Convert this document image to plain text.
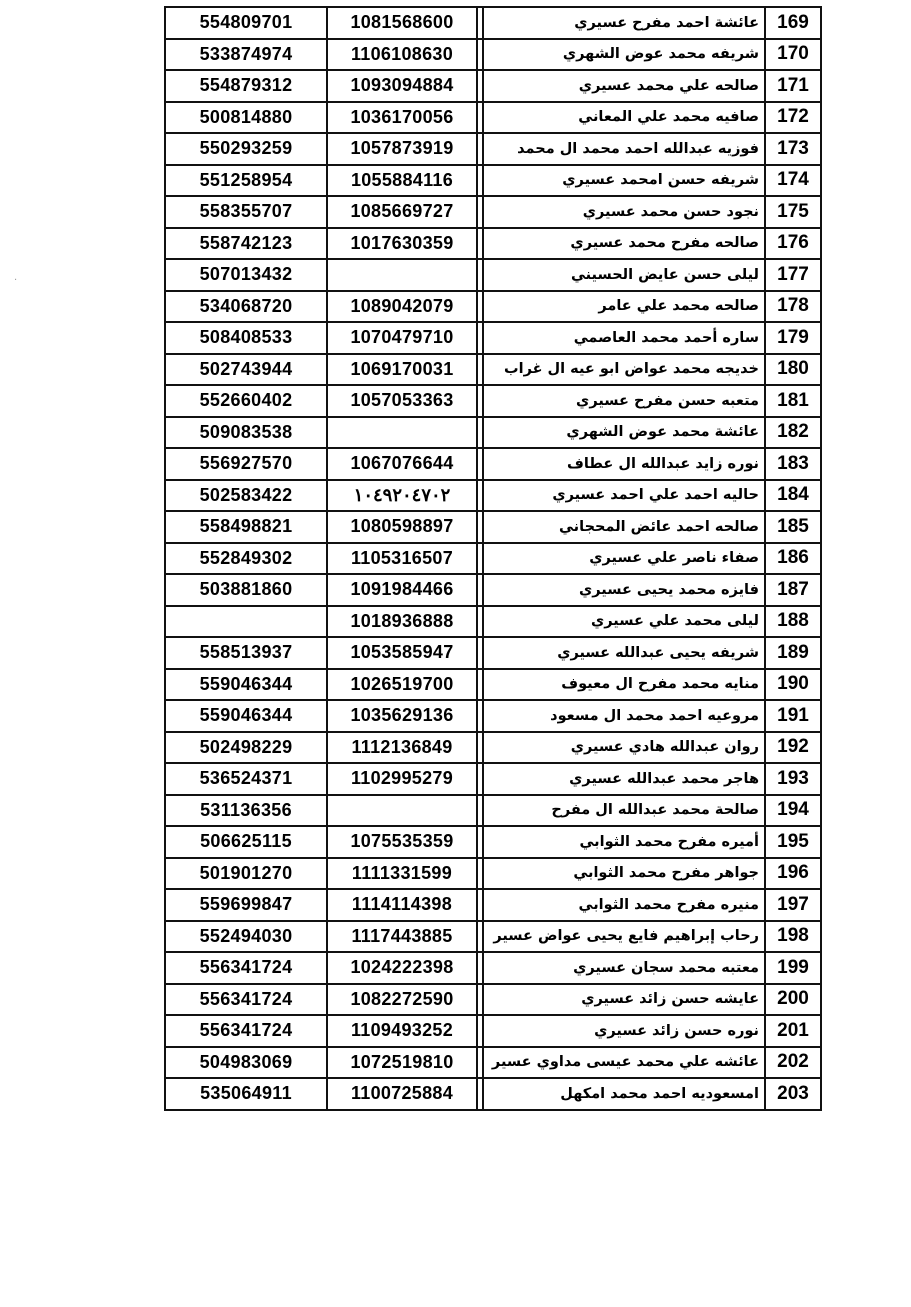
554809701	1081568600		عائشة احمد مفرح عسيري	169
533874974	1106108630		شريفه محمد عوض الشهري	170
554879312	1093094884		صالحه علي محمد عسيري	171
500814880	1036170056		صافيه محمد علي المعاني	172
550293259	1057873919		فوزيه عبدالله احمد محمد ال محمد	173
551258954	1055884116		شريفه حسن امحمد عسيري	174
558355707	1085669727		نجود حسن محمد عسيري	175
558742123	1017630359		صالحه مفرح محمد عسيري	176
507013432			ليلى حسن عايض الحسيني	177
534068720	1089042079		صالحه محمد علي عامر	178
508408533	1070479710		ساره أحمد محمد العاصمي	179
502743944	1069170031		خديجه محمد عواض ابو عيه ال غراب	180
552660402	1057053363		متعبه حسن مفرح عسيري	181
509083538			عائشة محمد عوض الشهري	182
556927570	1067076644		نوره زايد عبدالله ال عطاف	183
502583422	١٠٤٩٢٠٤٧٠٢		حاليه احمد علي احمد عسيري	184
558498821	1080598897		صالحه احمد عائض المحجاني	185
552849302	1105316507		صفاء ناصر علي عسيري	186
503881860	1091984466		فايزه محمد يحيى عسيري	187
	1018936888		ليلى محمد علي عسيري	188
558513937	1053585947		شريفه يحيى عبدالله عسيري	189
559046344	1026519700		منايه محمد مفرح ال معيوف	190
559046344	1035629136		مروعيه احمد محمد ال مسعود	191
502498229	1112136849		روان عبدالله هادي عسيري	192
536524371	1102995279		هاجر محمد عبدالله عسيري	193
531136356			صالحة محمد عبدالله ال مفرح	194
506625115	1075535359		أميره مفرح محمد الثوابي	195
501901270	1111331599		جواهر مفرح محمد الثوابي	196
559699847	1114114398		منيره مفرح محمد الثوابي	197
552494030	1117443885		رحاب إبراهيم فايع يحيى عواض عسير	198
556341724	1024222398		معتبه محمد سجان عسيري	199
556341724	1082272590		عايشه حسن زائد عسيري	200
556341724	1109493252		نوره حسن زائد عسيري	201
504983069	1072519810		عائشه علي محمد عيسى مداوي عسير	202
535064911	1100725884		امسعوديه احمد محمد امكهل	203
.
